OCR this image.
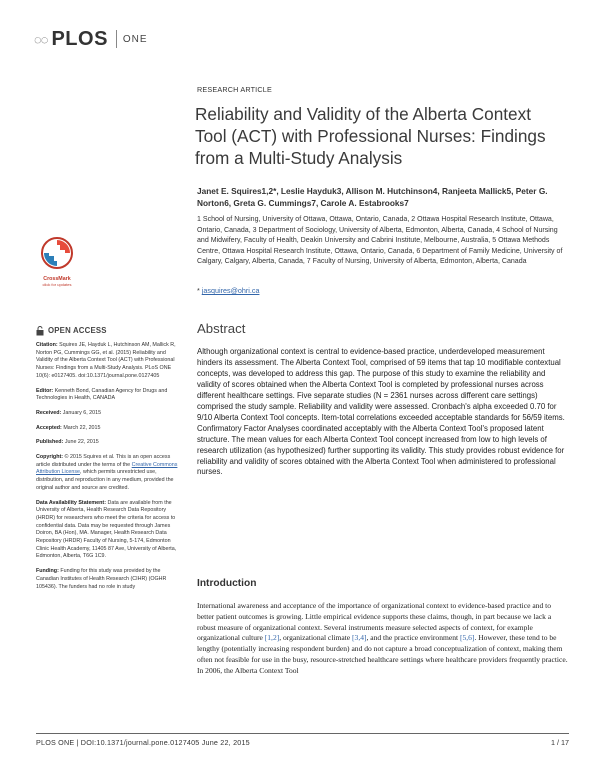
◌◌ PLOS ONE
RESEARCH ARTICLE
Reliability and Validity of the Alberta Context Tool (ACT) with Professional Nurses: Findings from a Multi-Study Analysis
Janet E. Squires1,2*, Leslie Hayduk3, Allison M. Hutchinson4, Ranjeeta Mallick5, Peter G. Norton6, Greta G. Cummings7, Carole A. Estabrooks7
1 School of Nursing, University of Ottawa, Ottawa, Ontario, Canada, 2 Ottawa Hospital Research Institute, Ottawa, Ontario, Canada, 3 Department of Sociology, University of Alberta, Edmonton, Alberta, Canada, 4 School of Nursing and Midwifery, Faculty of Health, Deakin University and Cabrini Institute, Melbourne, Australia, 5 Ottawa Methods Centre, Ottawa Hospital Research Institute, Ottawa, Ontario, Canada, 6 Department of Family Medicine, University of Calgary, Calgary, Alberta, Canada, 7 Faculty of Nursing, University of Alberta, Edmonton, Alberta, Canada
* jasquires@ohri.ca
CrossMark
click for updates
OPEN ACCESS

Citation: Squires JE, Hayduk L, Hutchinson AM, Mallick R, Norton PG, Cummings GG, et al. (2015) Reliability and Validity of the Alberta Context Tool (ACT) with Professional Nurses: Findings from a Multi-Study Analysis. PLoS ONE 10(6): e0127405. doi:10.1371/journal.pone.0127405

Editor: Kenneth Bond, Canadian Agency for Drugs and Technologies in Health, CANADA

Received: January 6, 2015

Accepted: March 22, 2015

Published: June 22, 2015

Copyright: © 2015 Squires et al. This is an open access article distributed under the terms of the Creative Commons Attribution License, which permits unrestricted use, distribution, and reproduction in any medium, provided the original author and source are credited.

Data Availability Statement: Data are available from the University of Alberta, Health Research Data Repository (HRDR) for researchers who meet the criteria for access to confidential data. Data may be requested through James Doiron, BA (Hon), MA. Manager, Health Research Data Repository (HRDR) Faculty of Nursing, 5-174, Edmonton Clinic Health Academy, 11405 87 Ave, University of Alberta, Edmonton, Alberta, T6G 1C9.

Funding: Funding for this study was provided by the Canadian Institutes of Health Research (CIHR) (OGHR 105436). The funders had no role in study

Abstract
Although organizational context is central to evidence-based practice, underdeveloped measurement hinders its assessment. The Alberta Context Tool, comprised of 59 items that tap 10 modifiable contextual concepts, was developed to address this gap. The purpose of this study to examine the reliability and validity of scores obtained when the Alberta Context Tool is completed by professional nurses across different healthcare settings. Five separate studies (N = 2361 nurses across different care settings) comprised the study sample. Reliability and validity were assessed. Cronbach's alpha exceeded 0.70 for 9/10 Alberta Context Tool concepts. Item-total correlations exceeded acceptable standards for 56/59 items. Confirmatory Factor Analyses coordinated acceptably with the Alberta Context Tool's proposed latent structure. The mean values for each Alberta Context Tool concept increased from low to high levels of research utilization (as hypothesized) further supporting its validity. This study provides robust evidence for reliability and validity of scores obtained with the Alberta Context Tool when administered to professional nurses.
Introduction
International awareness and acceptance of the importance of organizational context to evidence-based practice and to better patient outcomes is growing. Little empirical evidence supports these claims, though, in part because we lack a robust measure of organizational context. Several instruments measure selected aspects of context, for example organizational culture [1,2], organizational climate [3,4], and the practice environment [5,6]. However, these tend to be lengthy (potentially increasing respondent burden) and do not capture a broad conceptualization of context, making them often not feasible for use in the busy, resource-stretched healthcare settings where healthcare providers frequently practice. In 2006, the Alberta Context Tool
PLOS ONE | DOI:10.1371/journal.pone.0127405 June 22, 2015	1 / 17
